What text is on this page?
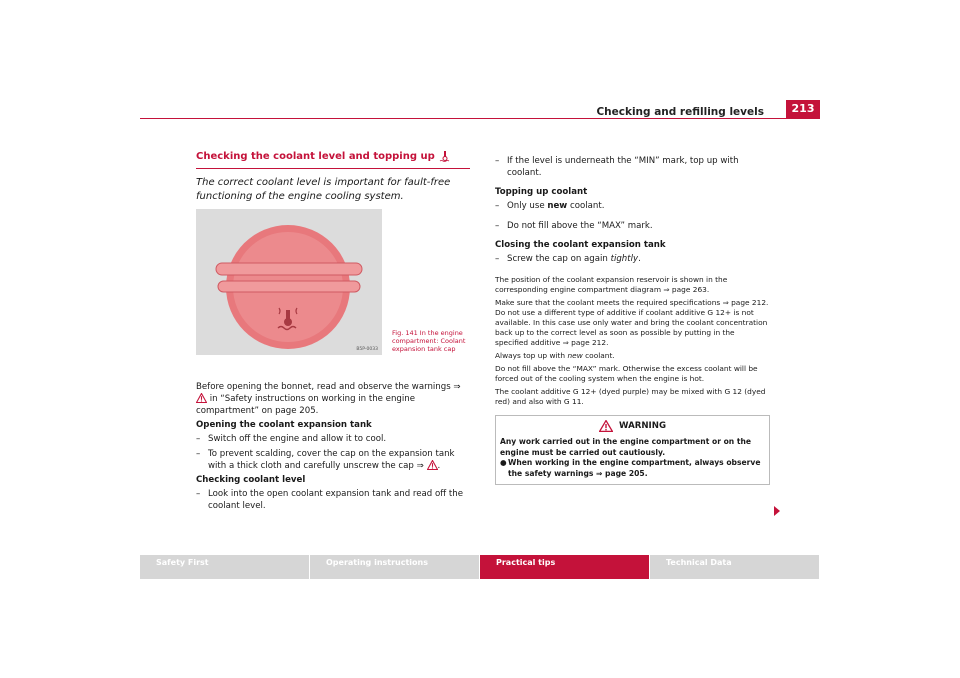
Checking and refilling levels	213
Checking the coolant level and topping up
The correct coolant level is important for fault-free functioning of the engine cooling system.
B5P-0033
Fig. 141 In the engine compartment: Coolant expansion tank cap

Before opening the bonnet, read and observe the warnings ⇒  in “Safety instructions on working in the engine compartment” on page 205.

Opening the coolant expansion tank
– Switch off the engine and allow it to cool.
– To prevent scalding, cover the cap on the expansion tank with a thick cloth and carefully unscrew the cap ⇒ .
Checking coolant level
– Look into the open coolant expansion tank and read off the coolant level.
– If the level is underneath the “MIN” mark, top up with coolant.
Topping up coolant
– Only use new coolant.
– Do not fill above the “MAX” mark.
Closing the coolant expansion tank
– Screw the cap on again tightly.

The position of the coolant expansion reservoir is shown in the corresponding engine compartment diagram ⇒ page 263.

Make sure that the coolant meets the required specifications ⇒ page 212. Do not use a different type of additive if coolant additive G 12+ is not available. In this case use only water and bring the coolant concentration back up to the correct level as soon as possible by putting in the specified additive ⇒ page 212.

Always top up with new coolant.

Do not fill above the “MAX” mark. Otherwise the excess coolant will be forced out of the cooling system when the engine is hot.

The coolant additive G 12+ (dyed purple) may be mixed with G 12 (dyed red) and also with G 11.

WARNING
Any work carried out in the engine compartment or on the engine must be carried out cautiously.
● When working in the engine compartment, always observe the safety warnings ⇒ page 205.
Safety First	Operating instructions	Practical tips	Technical Data
